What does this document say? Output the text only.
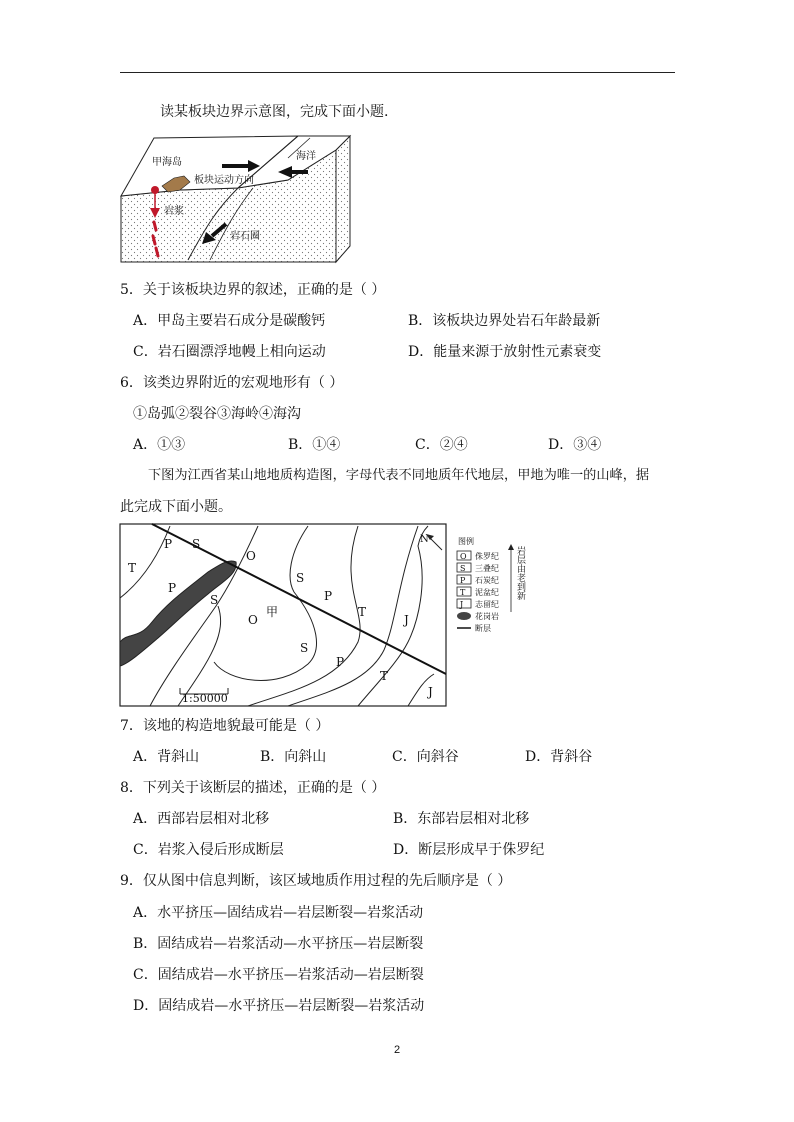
读某板块边界示意图，完成下面小题.
甲海岛
海洋
板块运动方向
岩浆
岩石圈
5．关于该板块边界的叙述，正确的是（ ）
A．甲岛主要岩石成分是碳酸钙	B．该板块边界处岩石年龄最新
C．岩石圈漂浮地幔上相向运动	D．能量来源于放射性元素衰变
6．该类边界附近的宏观地形有（ ）
①岛弧②裂谷③海岭④海沟
A．①③	B．①④	C．②④	D．③④
下图为江西省某山地地质构造图，字母代表不同地质年代地层，甲地为唯一的山峰，据
此完成下面小题。
N
P S
O
T
P
S
S
P
O
甲	T
J
S
P
T
J
1:50000
图例
O 侏罗纪
S 三叠纪
P 石炭纪
T 泥盆纪
J 志留纪
花岗岩
断层
岩层由老到新
7．该地的构造地貌最可能是（ ）
A．背斜山	B．向斜山	C．向斜谷	D．背斜谷
8．下列关于该断层的描述，正确的是（ ）
A．西部岩层相对北移	B．东部岩层相对北移
C．岩浆入侵后形成断层	D．断层形成早于侏罗纪
9．仅从图中信息判断，该区域地质作用过程的先后顺序是（ ）
A．水平挤压—固结成岩—岩层断裂—岩浆活动
B．固结成岩—岩浆活动—水平挤压—岩层断裂
C．固结成岩—水平挤压—岩浆活动—岩层断裂
D．固结成岩—水平挤压—岩层断裂—岩浆活动
2
